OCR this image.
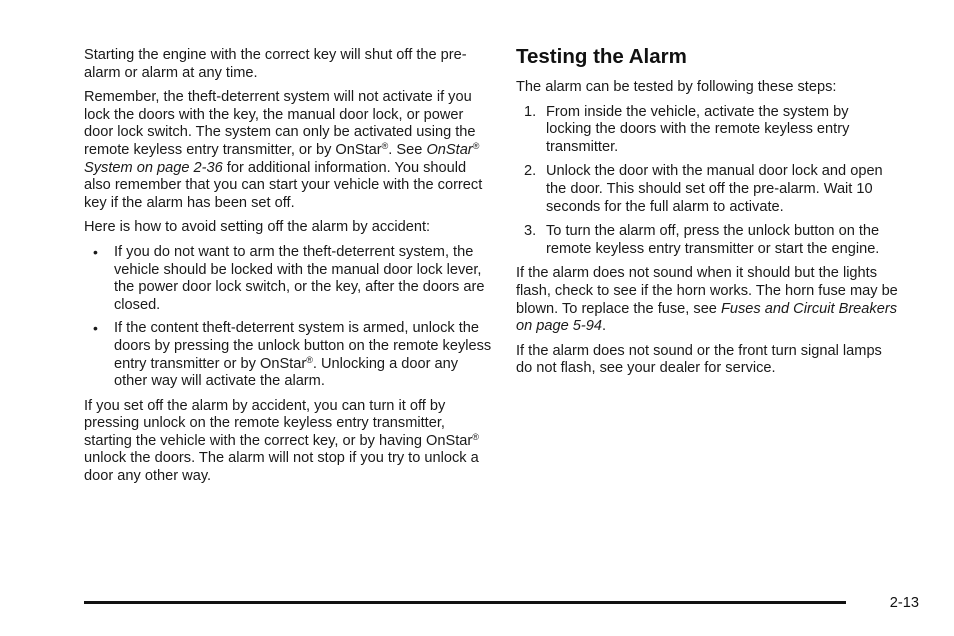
Starting the engine with the correct key will shut off the pre-alarm or alarm at any time.

Remember, the theft-deterrent system will not activate if you lock the doors with the key, the manual door lock, or power door lock switch. The system can only be activated using the remote keyless entry transmitter, or by OnStar®. See OnStar® System on page 2-36 for additional information. You should also remember that you can start your vehicle with the correct key if the alarm has been set off.

Here is how to avoid setting off the alarm by accident:

• If you do not want to arm the theft-deterrent system, the vehicle should be locked with the manual door lock lever, the power door lock switch, or the key, after the doors are closed.
• If the content theft-deterrent system is armed, unlock the doors by pressing the unlock button on the remote keyless entry transmitter or by OnStar®. Unlocking a door any other way will activate the alarm.

If you set off the alarm by accident, you can turn it off by pressing unlock on the remote keyless entry transmitter, starting the vehicle with the correct key, or by having OnStar® unlock the doors. The alarm will not stop if you try to unlock a door any other way.

Testing the Alarm

The alarm can be tested by following these steps:

1. From inside the vehicle, activate the system by locking the doors with the remote keyless entry transmitter.
2. Unlock the door with the manual door lock and open the door. This should set off the pre-alarm. Wait 10 seconds for the full alarm to activate.
3. To turn the alarm off, press the unlock button on the remote keyless entry transmitter or start the engine.

If the alarm does not sound when it should but the lights flash, check to see if the horn works. The horn fuse may be blown. To replace the fuse, see Fuses and Circuit Breakers on page 5-94.

If the alarm does not sound or the front turn signal lamps do not flash, see your dealer for service.

2-13
